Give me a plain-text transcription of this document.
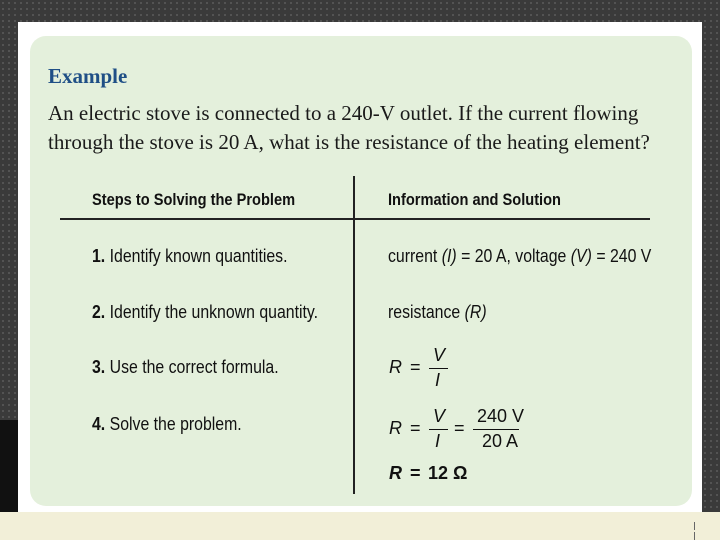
Example

An electric stove is connected to a 240-V outlet. If the current flowing through the stove is 20 A, what is the resistance of the heating element?

Steps to Solving the Problem	Information and Solution
1. Identify known quantities.
2. Identify the unknown quantity.
3. Use the correct formula.
4. Solve the problem.
current (I) = 20 A, voltage (V) = 240 V
resistance (R)
R =
V
I
R =
V
I
=
240 V
20 A
R = 12 Ω
